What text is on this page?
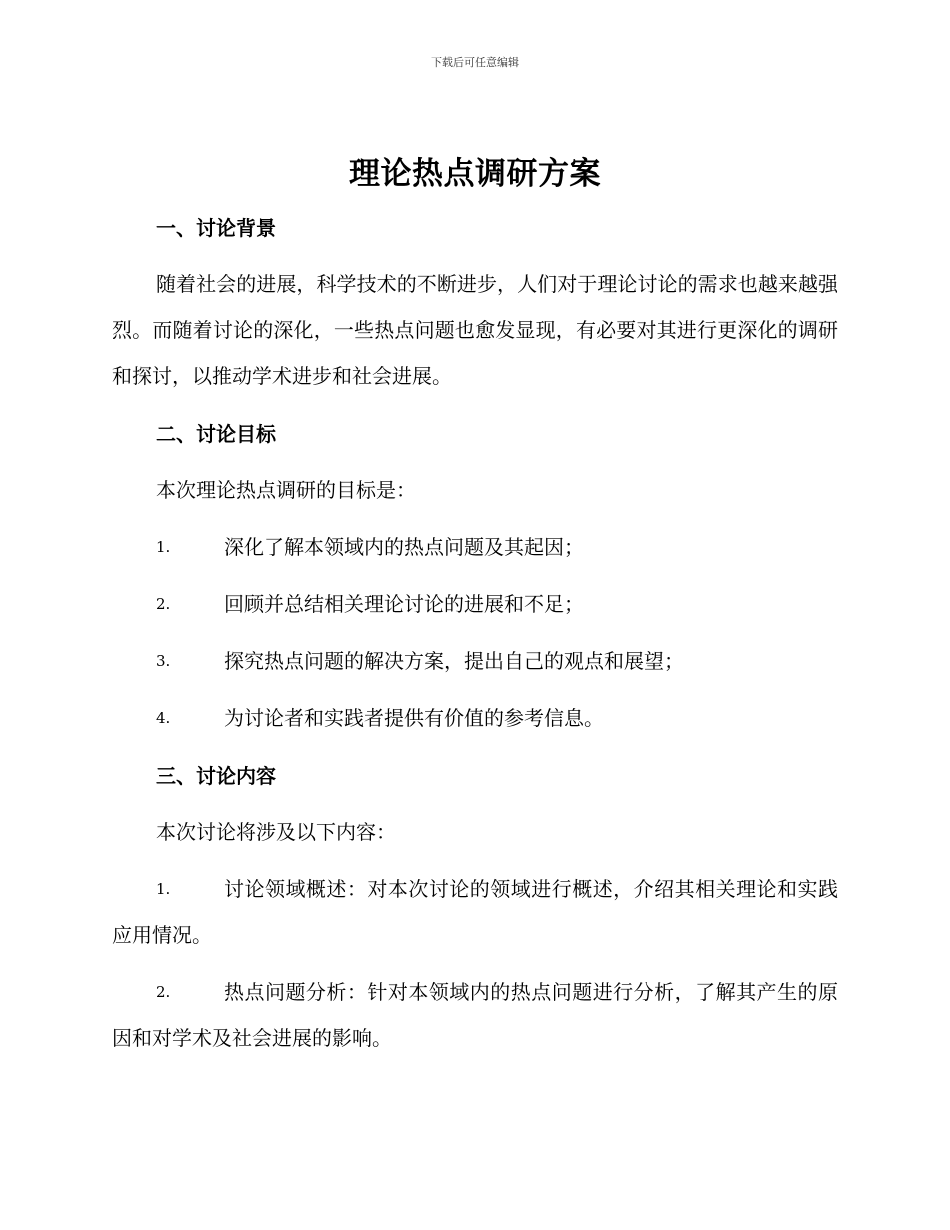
下载后可任意编辑
理论热点调研方案
一、讨论背景
随着社会的进展，科学技术的不断进步，人们对于理论讨论的需求也越来越强烈。而随着讨论的深化，一些热点问题也愈发显现，有必要对其进行更深化的调研和探讨，以推动学术进步和社会进展。
二、讨论目标
本次理论热点调研的目标是：
1.	深化了解本领域内的热点问题及其起因；
2.	回顾并总结相关理论讨论的进展和不足；
3.	探究热点问题的解决方案，提出自己的观点和展望；
4.	为讨论者和实践者提供有价值的参考信息。
三、讨论内容
本次讨论将涉及以下内容：
1.	讨论领域概述：对本次讨论的领域进行概述，介绍其相关理论和实践应用情况。
2.	热点问题分析：针对本领域内的热点问题进行分析，了解其产生的原因和对学术及社会进展的影响。
